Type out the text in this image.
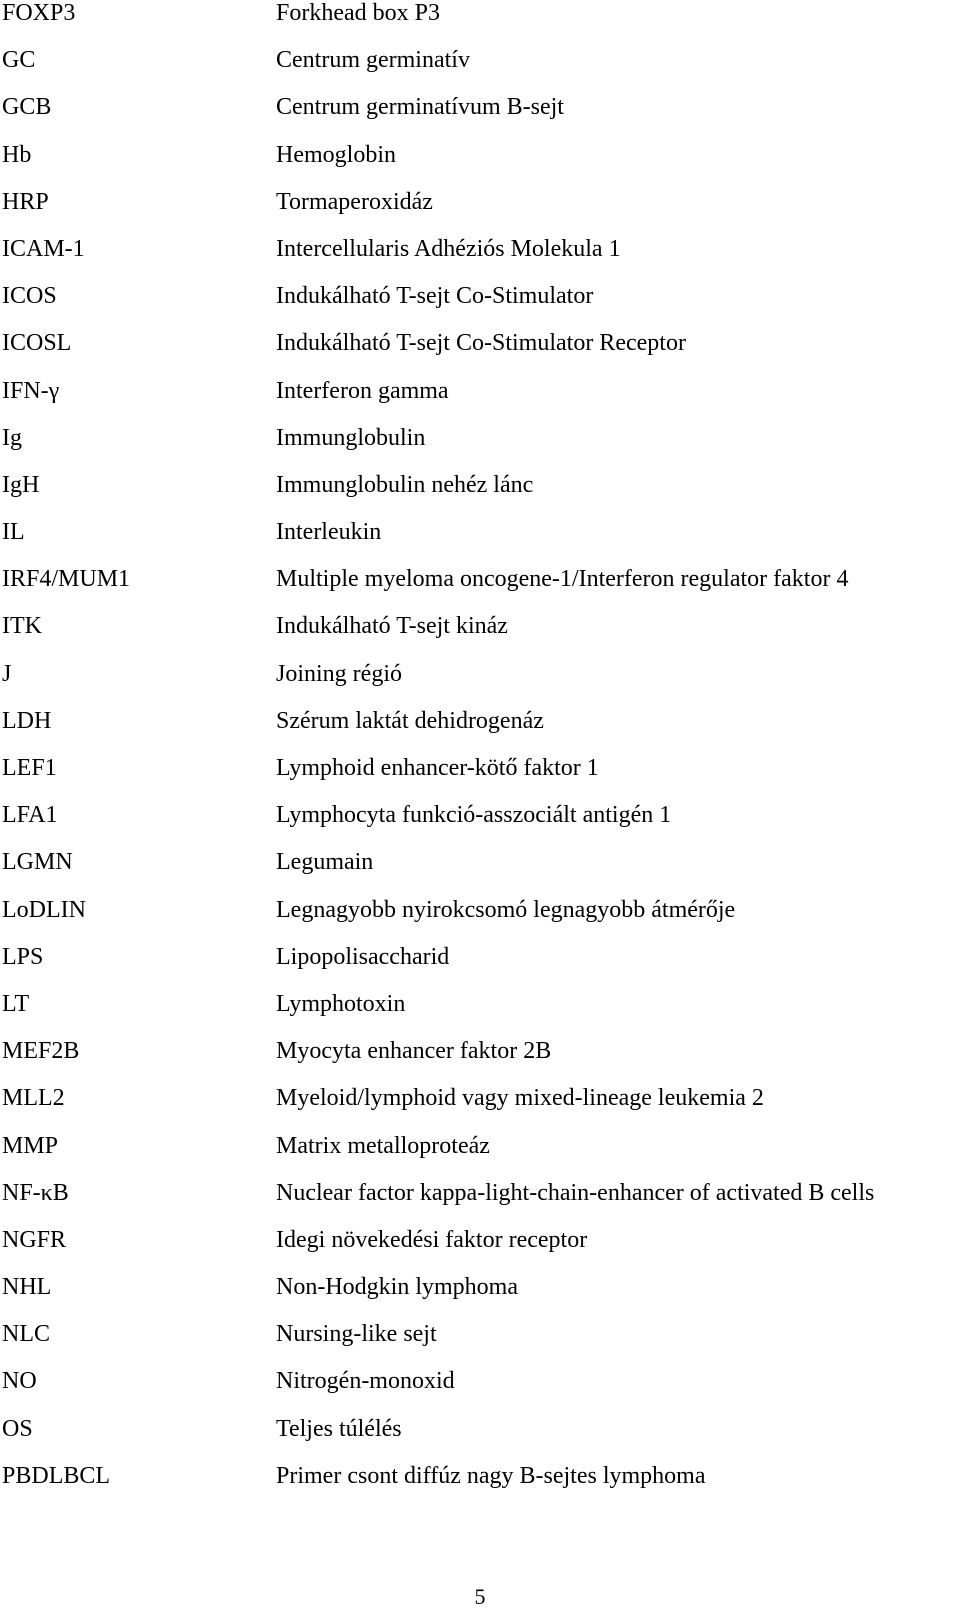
FOXP3	Forkhead box P3
GC	Centrum germinatív
GCB	Centrum germinatívum B-sejt
Hb	Hemoglobin
HRP	Tormaperoxidáz
ICAM-1	Intercellularis Adhéziós Molekula 1
ICOS	Indukálható T-sejt Co-Stimulator
ICOSL	Indukálható T-sejt Co-Stimulator Receptor
IFN-γ	Interferon gamma
Ig	Immunglobulin
IgH	Immunglobulin nehéz lánc
IL	Interleukin
IRF4/MUM1	Multiple myeloma oncogene-1/Interferon regulator faktor 4
ITK	Indukálható T-sejt kináz
J	Joining régió
LDH	Szérum laktát dehidrogenáz
LEF1	Lymphoid enhancer-kötő faktor 1
LFA1	Lymphocyta funkció-asszociált antigén 1
LGMN	Legumain
LoDLIN	Legnagyobb nyirokcsomó legnagyobb átmérője
LPS	Lipopolisaccharid
LT	Lymphotoxin
MEF2B	Myocyta enhancer faktor 2B
MLL2	Myeloid/lymphoid vagy mixed-lineage leukemia 2
MMP	Matrix metalloproteáz
NF-κB	Nuclear factor kappa-light-chain-enhancer of activated B cells
NGFR	Idegi növekedési faktor receptor
NHL	Non-Hodgkin lymphoma
NLC	Nursing-like sejt
NO	Nitrogén-monoxid
OS	Teljes túlélés
PBDLBCL	Primer csont diffúz nagy B-sejtes lymphoma
5
